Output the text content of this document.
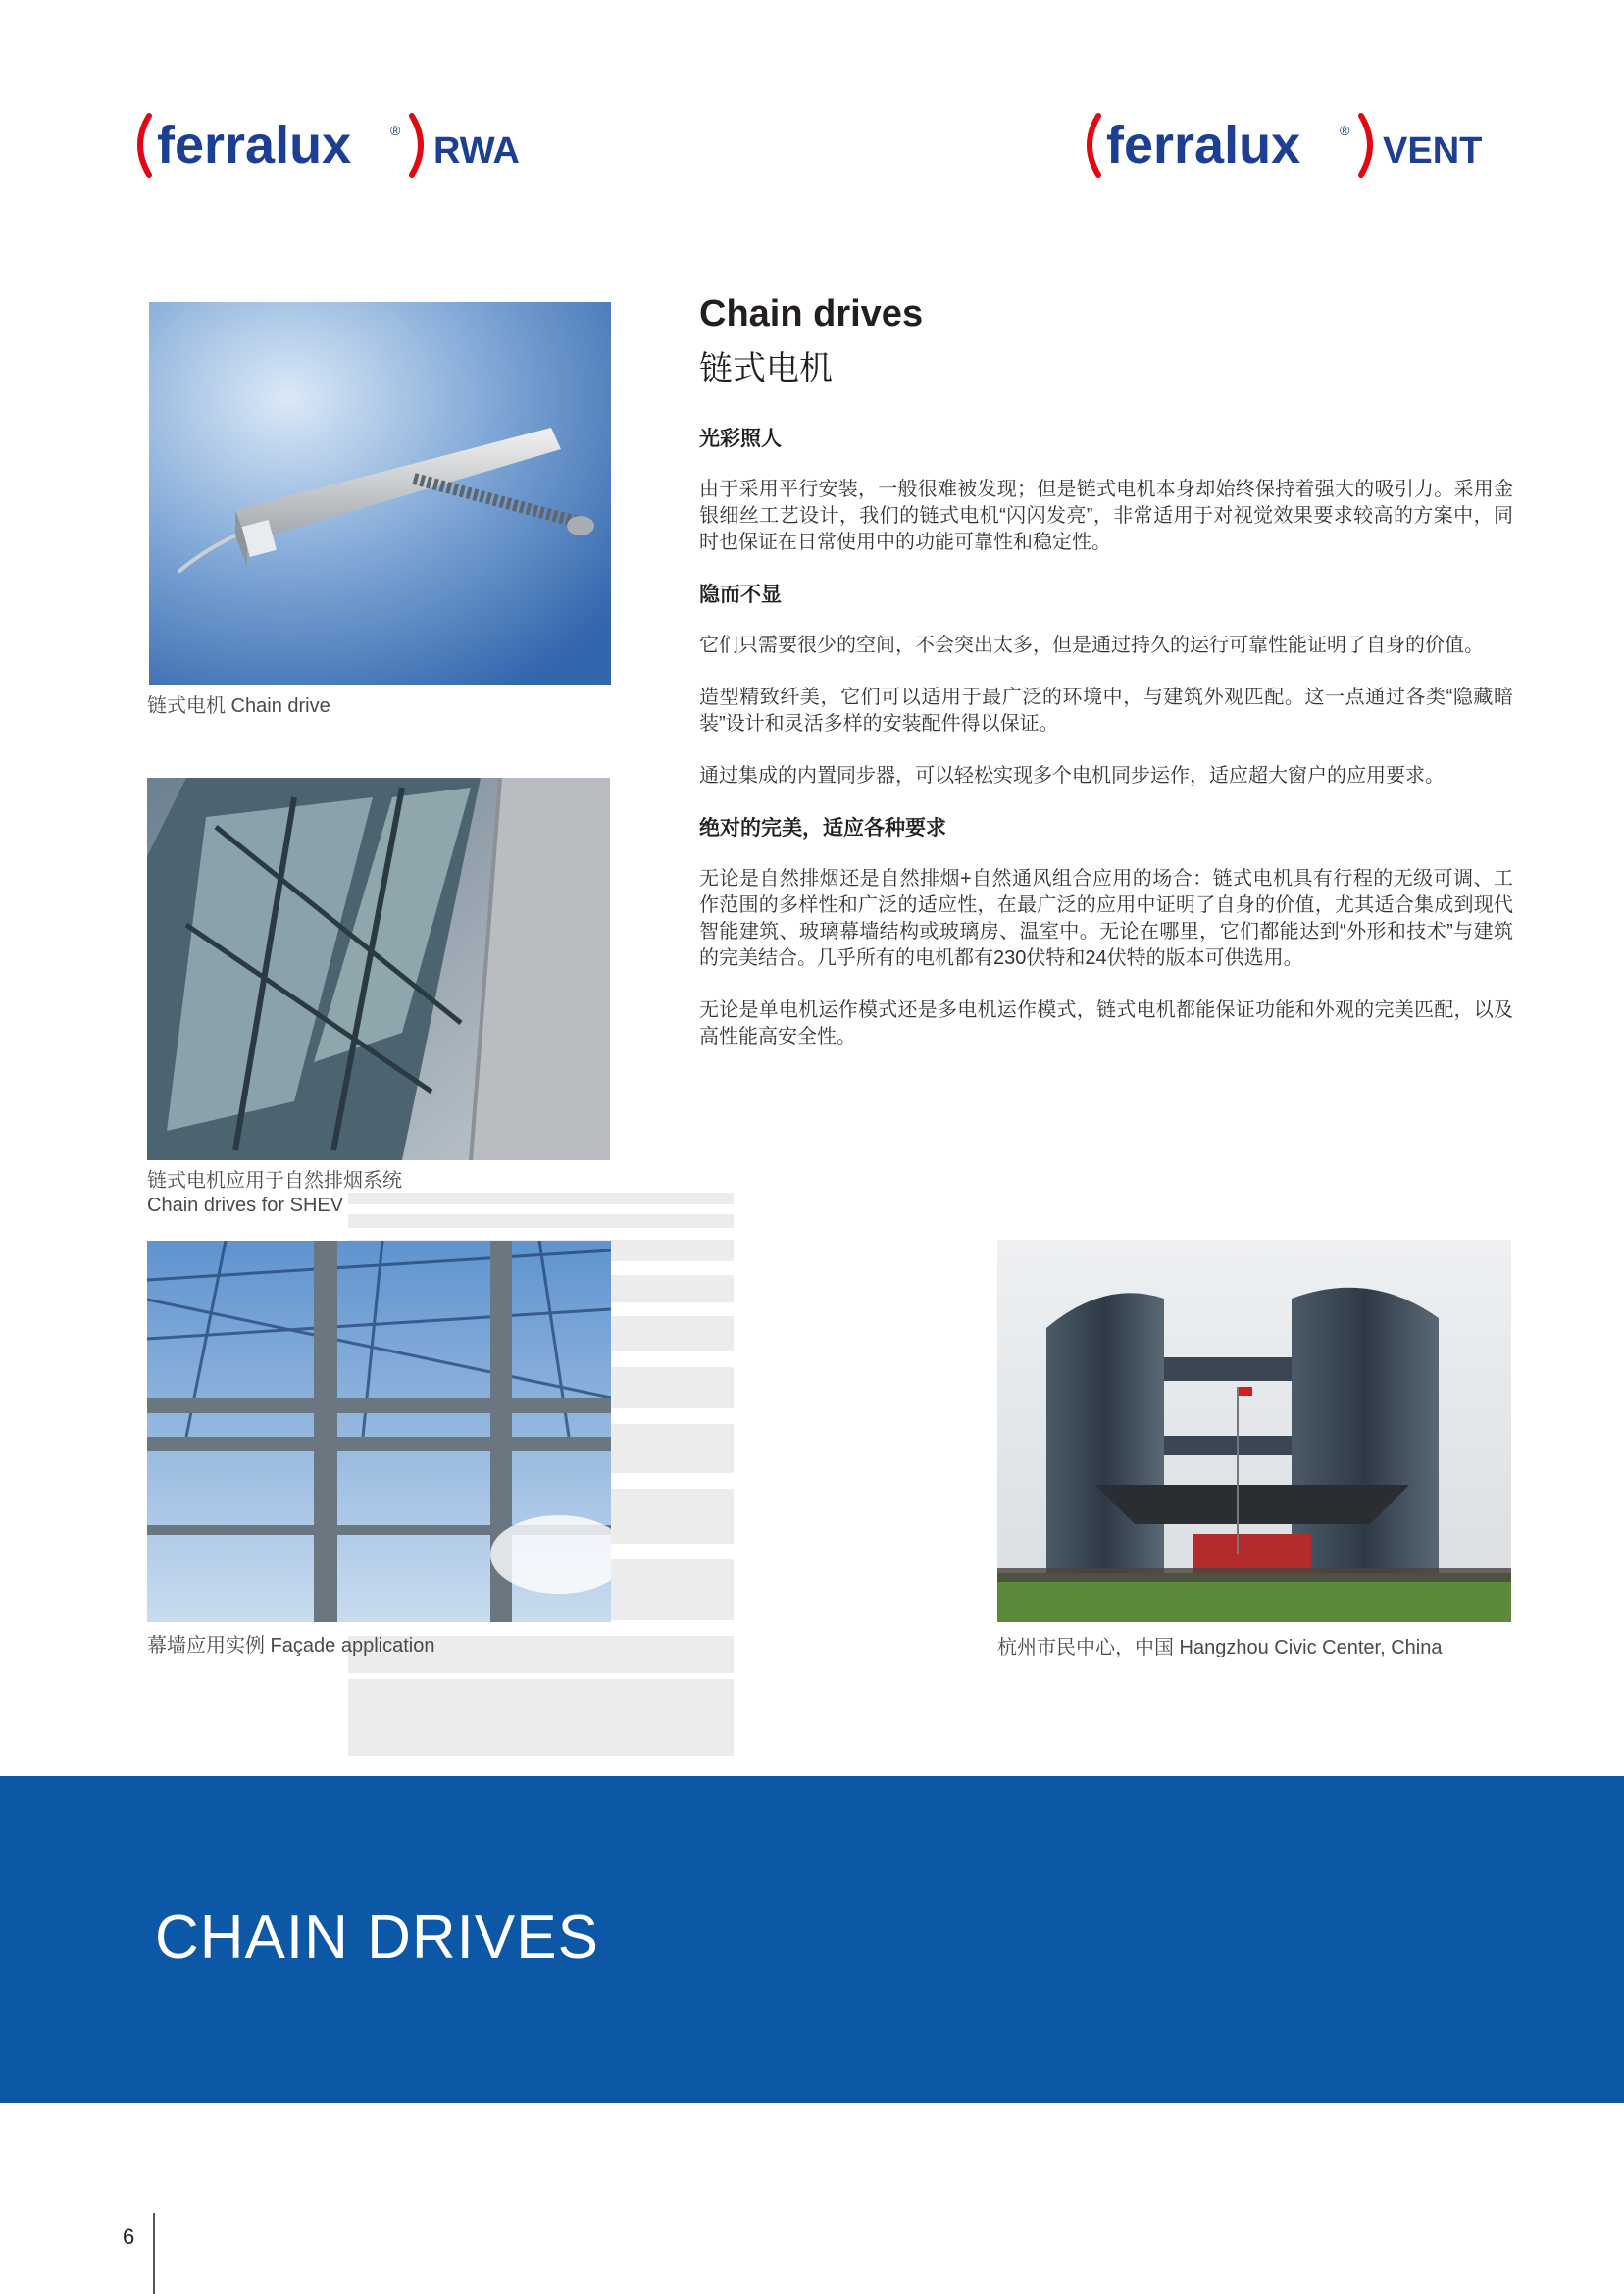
ferralux	® RWA	ferralux	® VENT
链式电机 Chain drive
链式电机应用于自然排烟系统
Chain drives for SHEV
幕墙应用实例 Façade application	杭州市民中心，中国 Hangzhou Civic Center, China
Chain drives
链式电机
光彩照人
由于采用平行安装，一般很难被发现；但是链式电机本身却始终保持着强大的吸引力。采用金银细丝工艺设计，我们的链式电机“闪闪发亮”，非常适用于对视觉效果要求较高的方案中，同时也保证在日常使用中的功能可靠性和稳定性。
隐而不显
它们只需要很少的空间，不会突出太多，但是通过持久的运行可靠性能证明了自身的价值。
造型精致纤美，它们可以适用于最广泛的环境中，与建筑外观匹配。这一点通过各类“隐藏暗装”设计和灵活多样的安装配件得以保证。
通过集成的内置同步器，可以轻松实现多个电机同步运作，适应超大窗户的应用要求。
绝对的完美，适应各种要求
无论是自然排烟还是自然排烟+自然通风组合应用的场合：链式电机具有行程的无级可调、工作范围的多样性和广泛的适应性，在最广泛的应用中证明了自身的价值，尤其适合集成到现代智能建筑、玻璃幕墙结构或玻璃房、温室中。无论在哪里，它们都能达到“外形和技术”与建筑的完美结合。几乎所有的电机都有230伏特和24伏特的版本可供选用。
无论是单电机运作模式还是多电机运作模式，链式电机都能保证功能和外观的完美匹配，以及高性能高安全性。
CHAIN DRIVES
6
